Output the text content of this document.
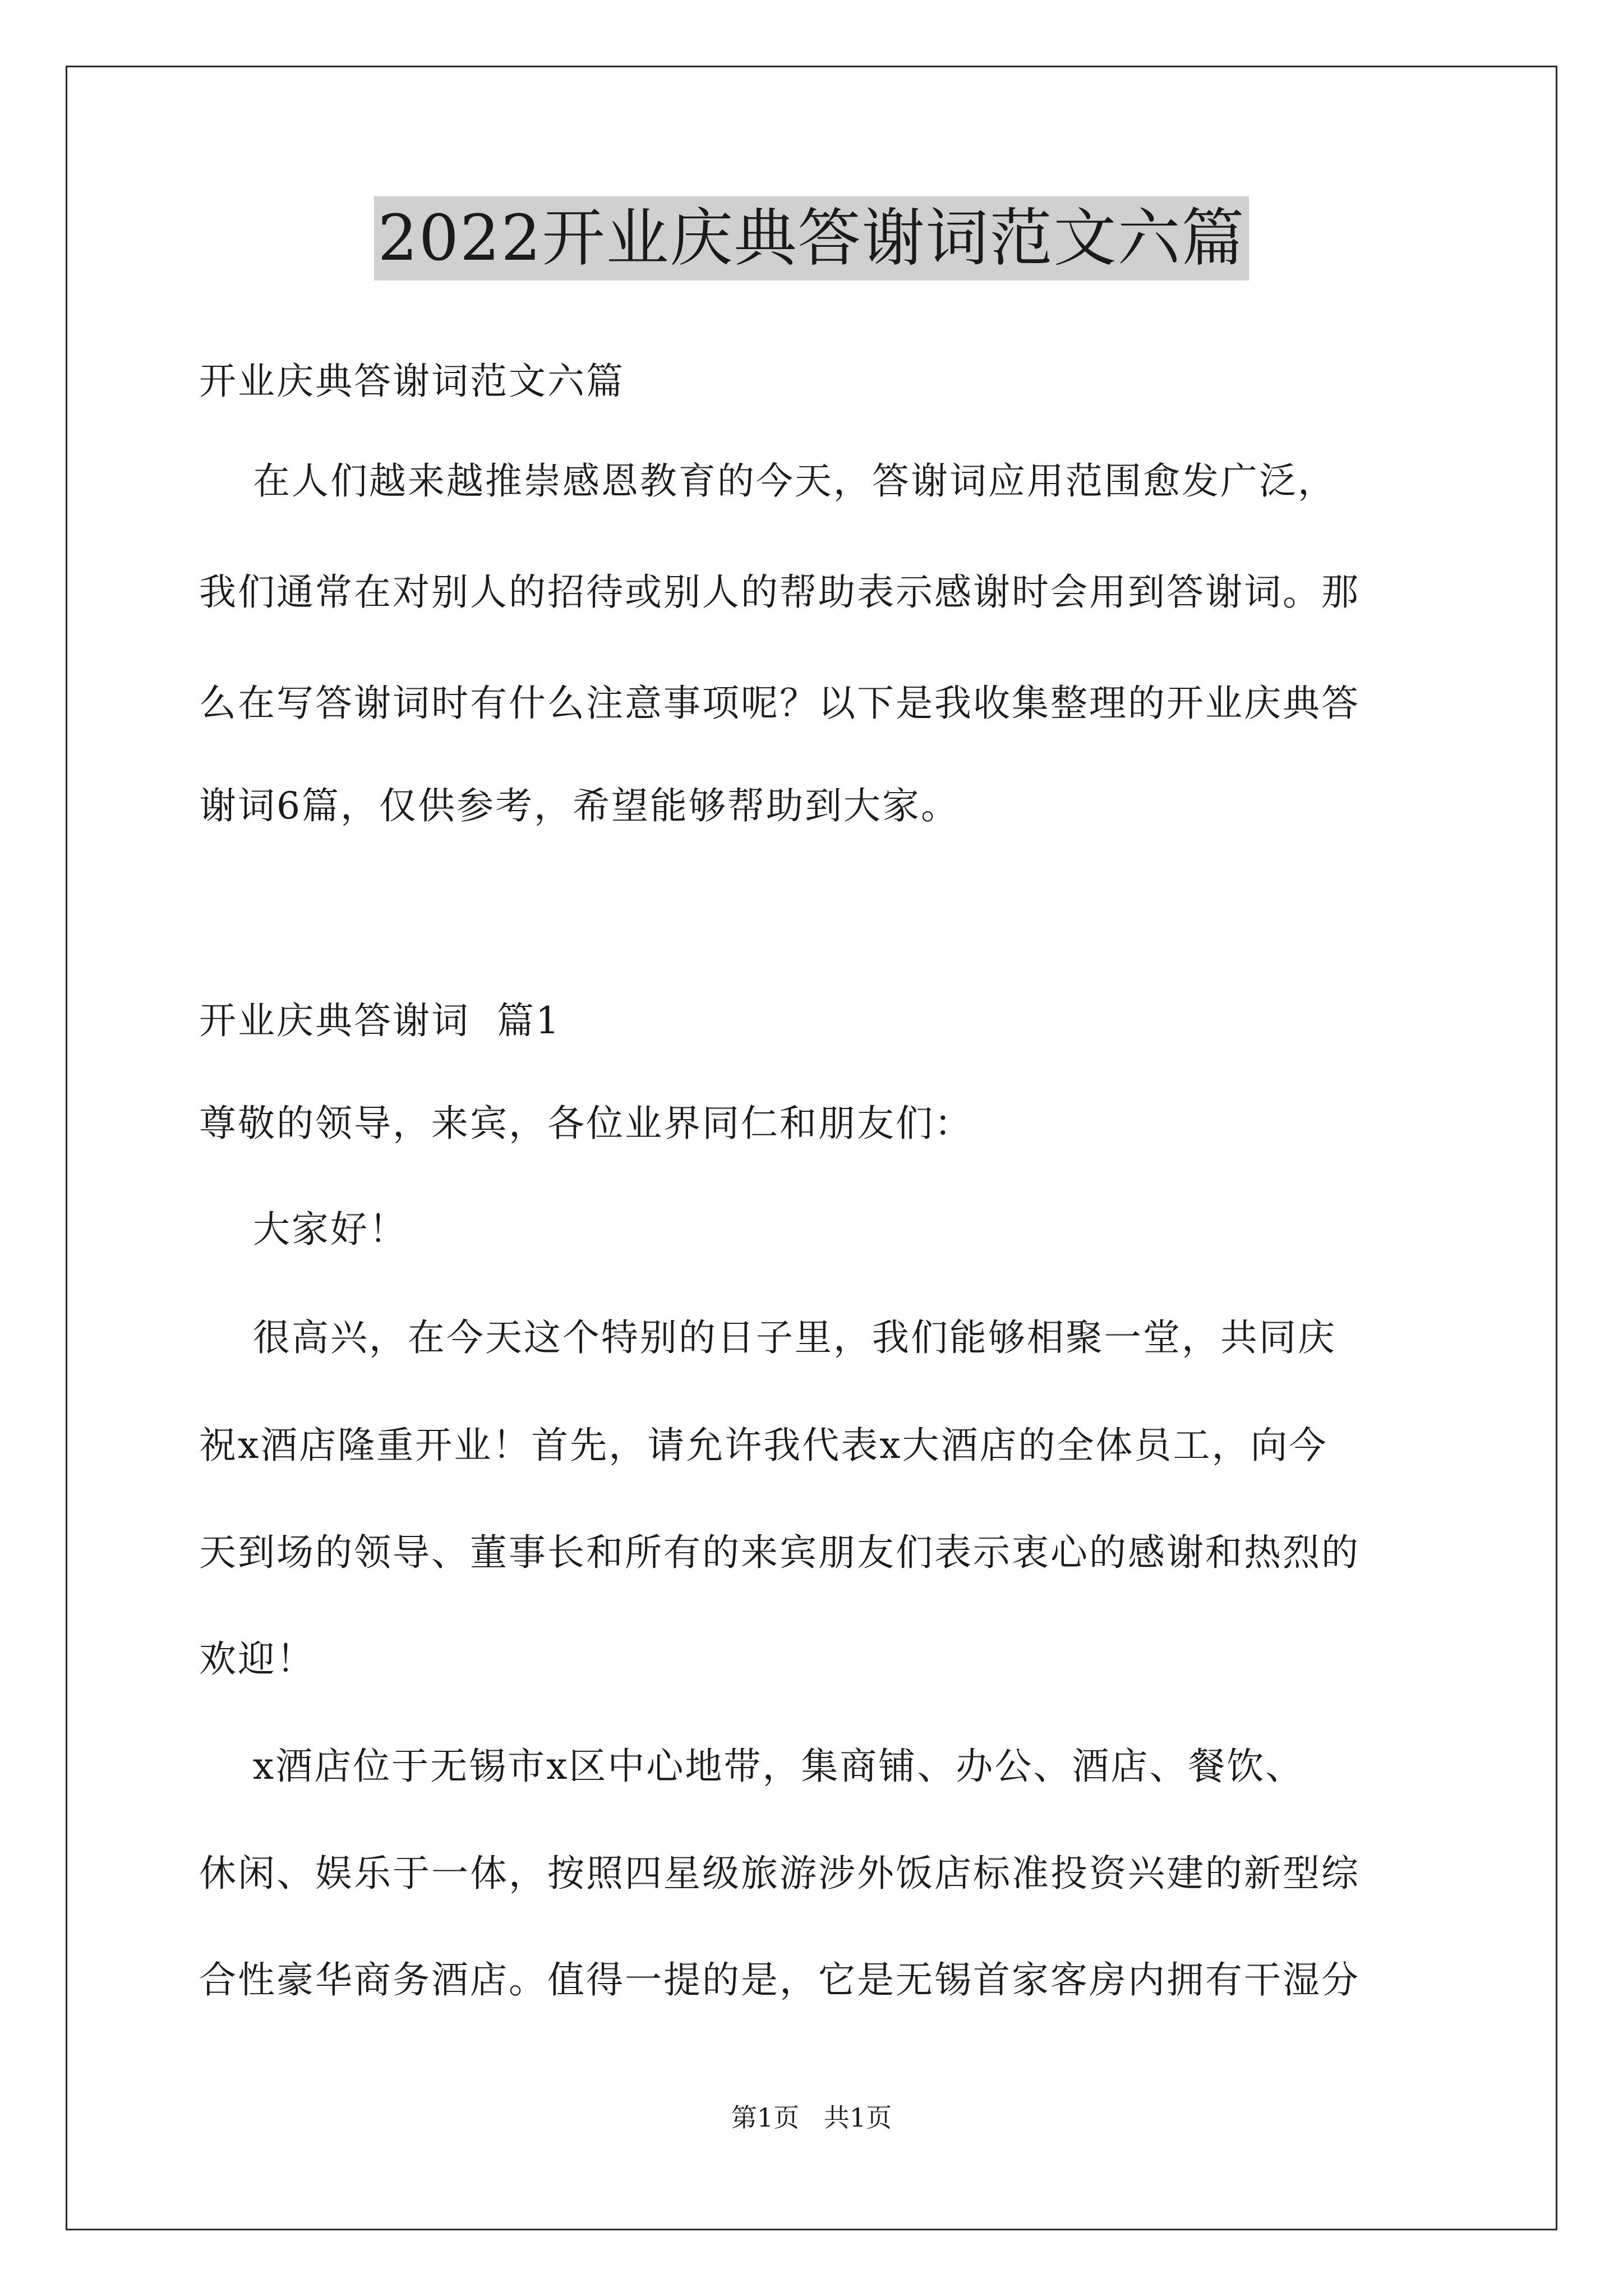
2022开业庆典答谢词范文六篇
开业庆典答谢词范文六篇
在人们越来越推崇感恩教育的今天，答谢词应用范围愈发广泛，
我们通常在对别人的招待或别人的帮助表示感谢时会用到答谢词。那
么在写答谢词时有什么注意事项呢？以下是我收集整理的开业庆典答
谢词6篇，仅供参考，希望能够帮助到大家。
开业庆典答谢词  篇1
尊敬的领导，来宾，各位业界同仁和朋友们：
大家好！
很高兴，在今天这个特别的日子里，我们能够相聚一堂，共同庆
祝x酒店隆重开业！首先，请允许我代表x大酒店的全体员工，向今
天到场的领导、董事长和所有的来宾朋友们表示衷心的感谢和热烈的
欢迎！
x酒店位于无锡市x区中心地带，集商铺、办公、酒店、餐饮、
休闲、娱乐于一体，按照四星级旅游涉外饭店标准投资兴建的新型综
合性豪华商务酒店。值得一提的是，它是无锡首家客房内拥有干湿分
第1页   共1页
